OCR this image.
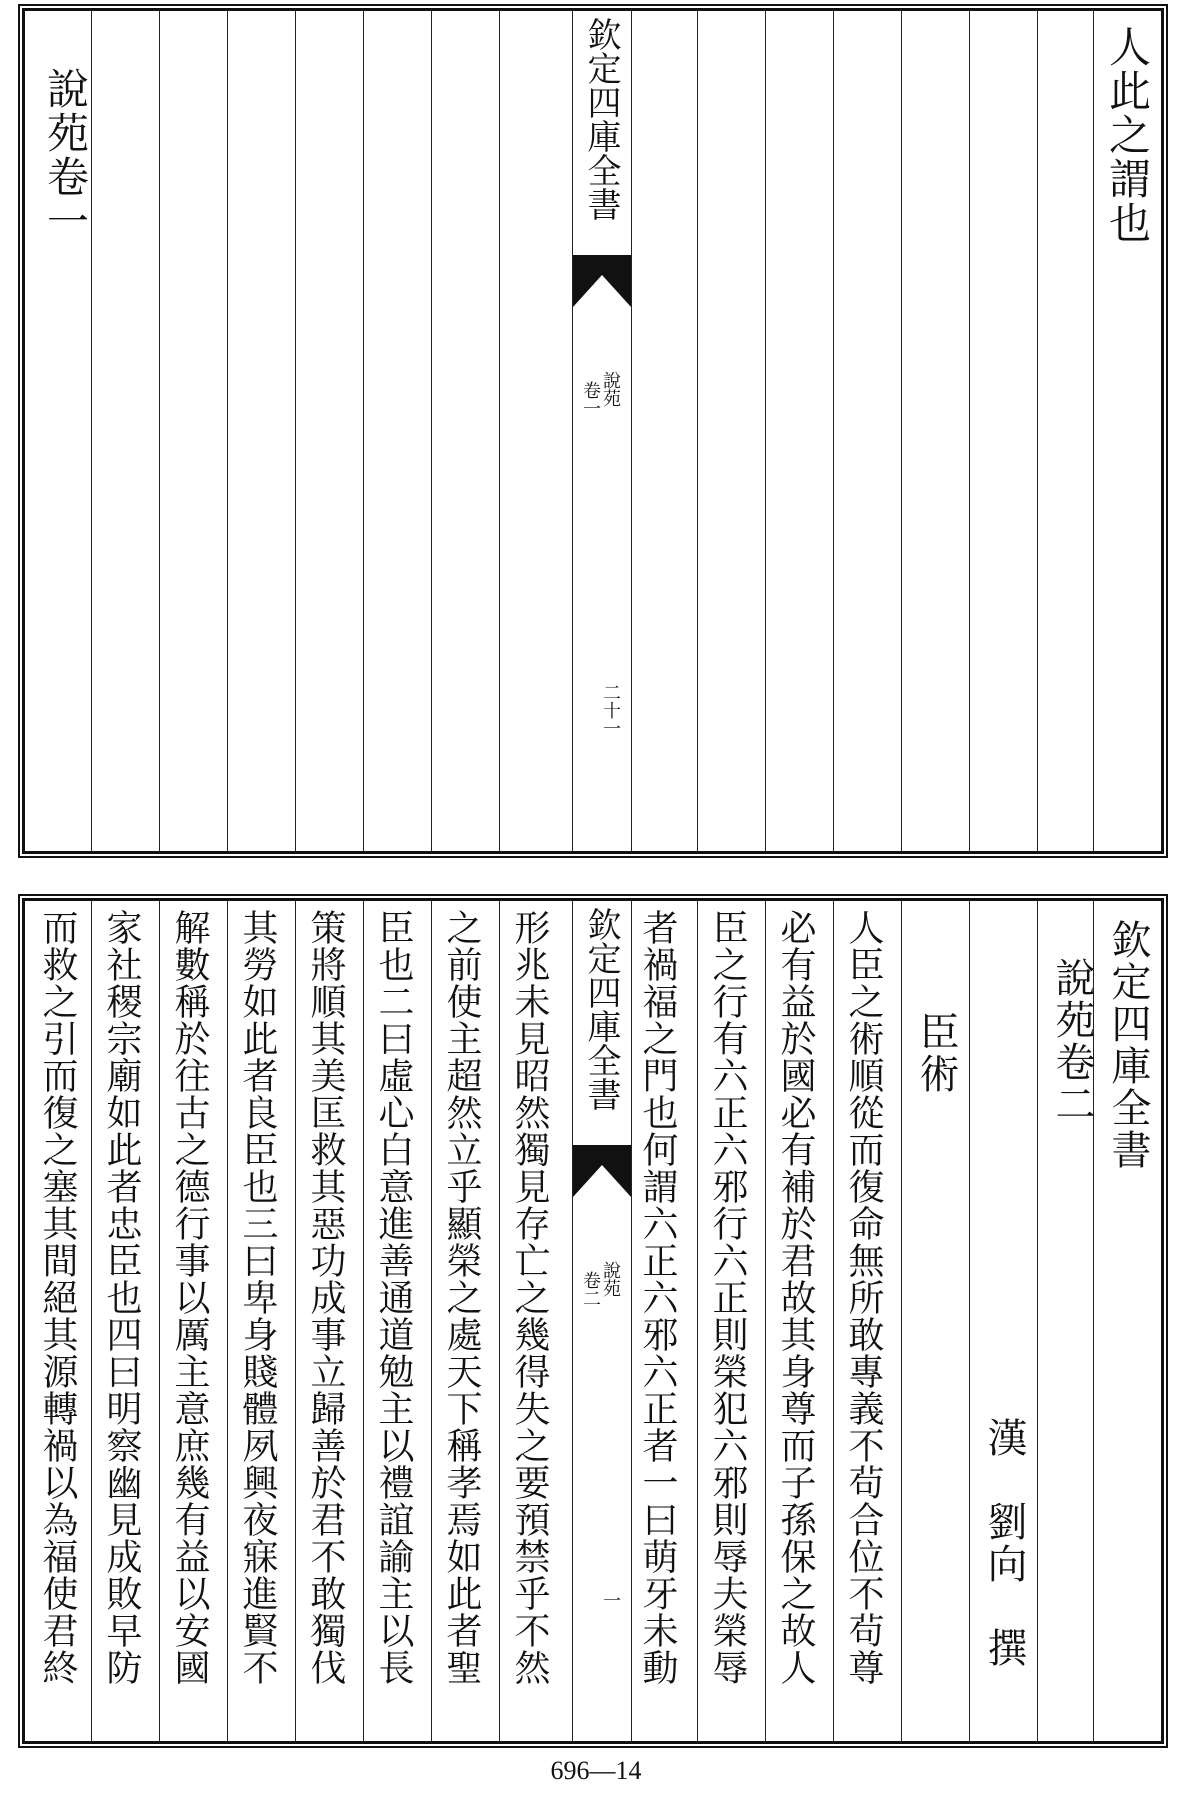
人此之謂也
說苑卷一	欽定四庫全書
說苑
卷一
二十一
欽定四庫全書
說苑卷二
漢　劉向　撰
臣術
人臣之術順從而復命無所敢專義不茍合位不茍尊
必有益於國必有補於君故其身尊而子孫保之故人
臣之行有六正六邪行六正則榮犯六邪則辱夫榮辱
者禍福之門也何謂六正六邪六正者一曰萌牙未動
欽定四庫全書
說苑
卷二
一
形兆未見昭然獨見存亡之幾得失之要預禁乎不然
之前使主超然立乎顯榮之處天下稱孝焉如此者聖
臣也二曰虛心白意進善通道勉主以禮誼諭主以長
策將順其美匡救其惡功成事立歸善於君不敢獨伐
其勞如此者良臣也三曰卑身賤體夙興夜寐進賢不
解數稱於往古之德行事以厲主意庶幾有益以安國
家社稷宗廟如此者忠臣也四曰明察幽見成敗早防
而救之引而復之塞其間絕其源轉禍以為福使君終
696—14
